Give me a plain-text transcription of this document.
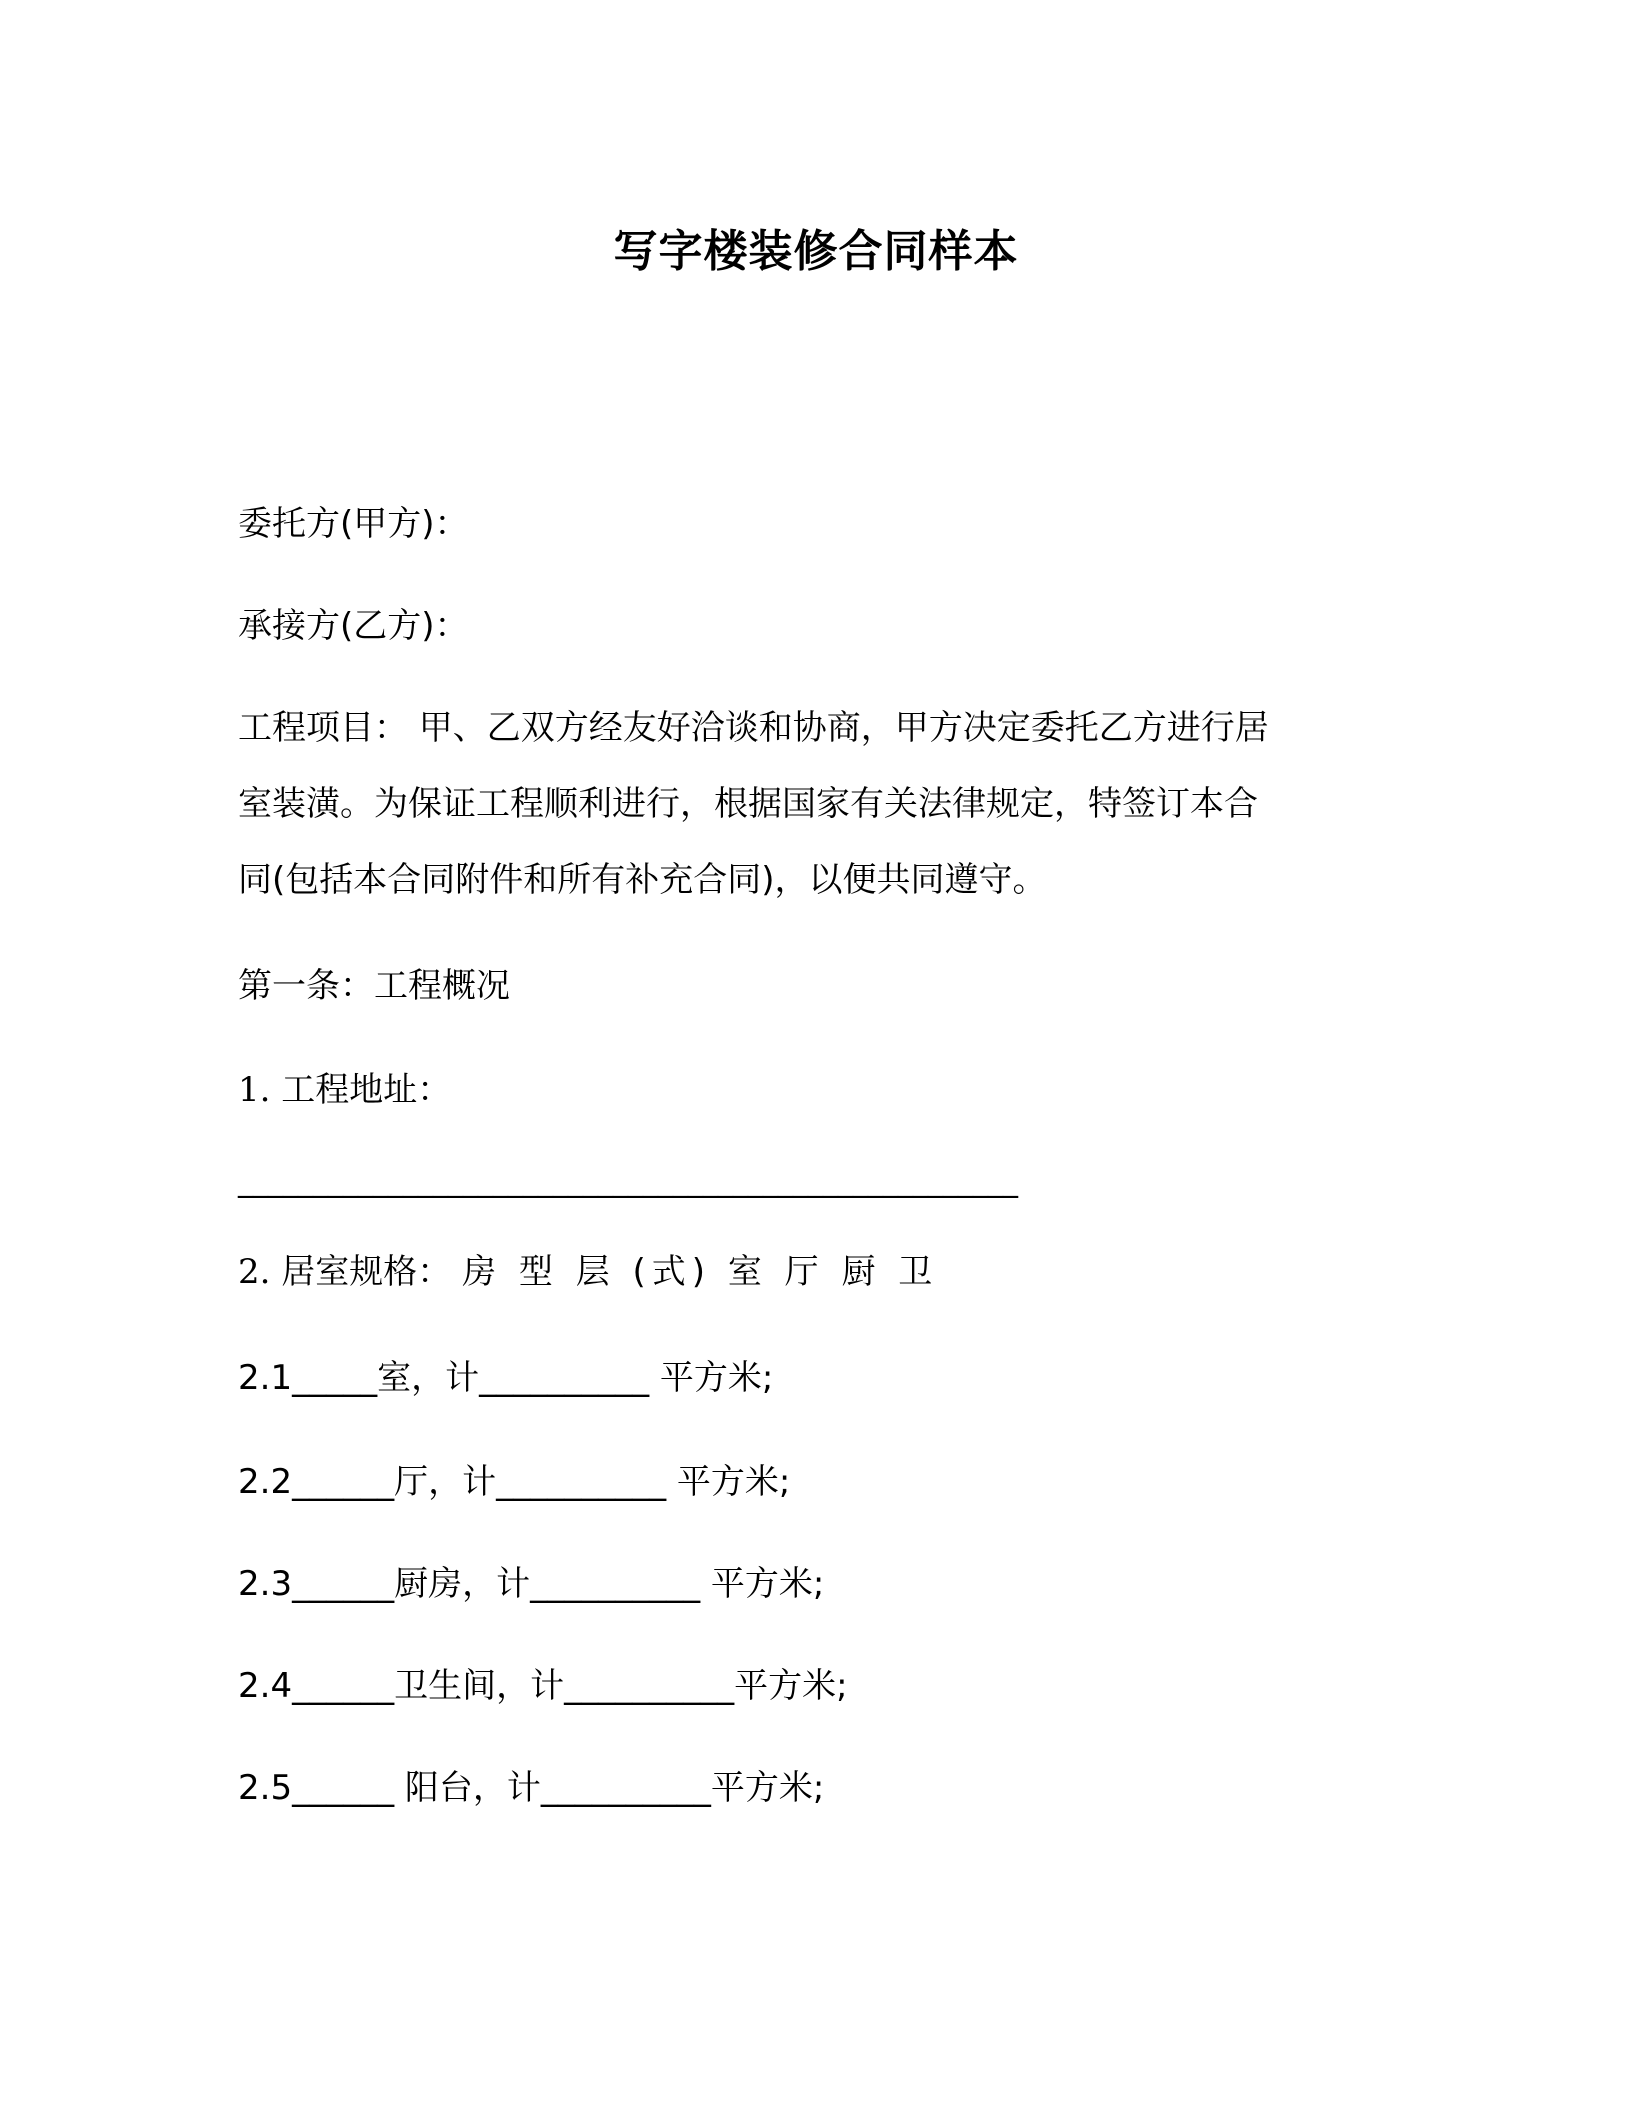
写字楼装修合同样本
委托方(甲方)：
承接方(乙方)：
工程项目： 甲、乙双方经友好洽谈和协商，甲方决定委托乙方进行居
室装潢。为保证工程顺利进行，根据国家有关法律规定，特签订本合
同(包括本合同附件和所有补充合同)，以便共同遵守。
第一条：工程概况
1. 工程地址：
____________________________________________________
2. 居室规格： 房 型 层 (式) 室 厅 厨 卫
2.1_____室，计__________ 平方米;
2.2______厅，计__________ 平方米;
2.3______厨房，计__________ 平方米;
2.4______卫生间，计__________平方米;
2.5______ 阳台，计__________平方米;
